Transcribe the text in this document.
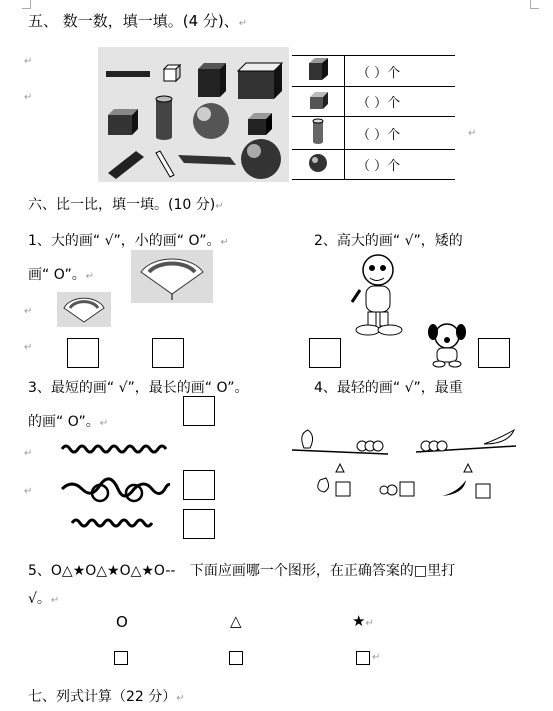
五、 数一数，填一填。(4 分)、↵
↵
↵
	（ ）个
	（ ）个
	（ ）个
	（ ）个
↵
六、比一比，填一填。(10 分)↵
1、大的画“ √”，小的画“ O”。↵	2、高大的画“ √”，矮的
画“ O”。↵
↵
↵
3、最短的画“ √”，最长的画“ O”。	4、最轻的画“ √”，最重
的画“ O”。↵
↵
↵
5、O△★O△★O△★O-- 下面应画哪一个图形，在正确答案的□里打
√。↵
O	△	★↵
↵
七、列式计算（22 分）↵
